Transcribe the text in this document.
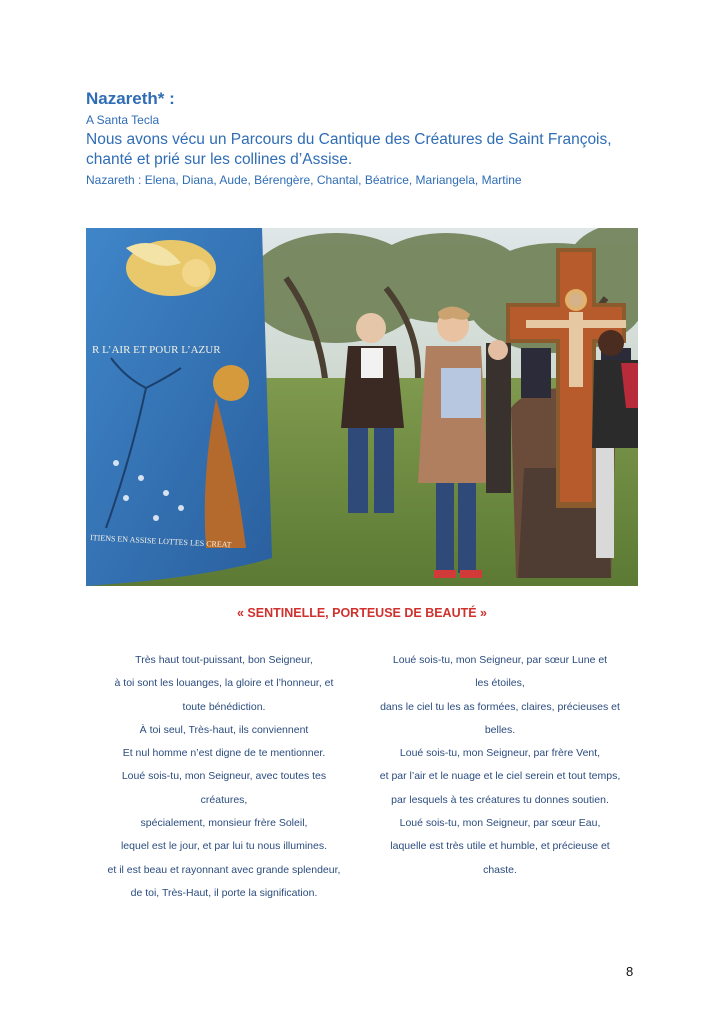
Nazareth* :

A Santa Tecla

Nous avons vécu un Parcours du Cantique des Créatures de Saint François,
chanté et prié sur les collines d’Assise.

Nazareth : Elena, Diana, Aude, Bérengère, Chantal, Béatrice, Mariangela, Martine

R L’AIR ET POUR L’AZUR
ITIENS EN ASSISE LOTTES LES CREAT
« SENTINELLE, PORTEUSE DE BEAUTÉ »
Très haut tout-puissant, bon Seigneur,
à toi sont les louanges, la gloire et l’honneur, et
toute bénédiction.
À toi seul, Très-haut, ils conviennent
Et nul homme n’est digne de te mentionner.
Loué sois-tu, mon Seigneur, avec toutes tes
créatures,
spécialement, monsieur frère Soleil,
lequel est le jour, et par lui tu nous illumines.
et il est beau et rayonnant avec grande splendeur,
de toi, Très-Haut, il porte la signification.
Loué sois-tu, mon Seigneur, par sœur Lune et
les étoiles,
dans le ciel tu les as formées, claires, précieuses et
belles.
Loué sois-tu, mon Seigneur, par frère Vent,
et par l’air et le nuage et le ciel serein et tout temps,
par lesquels à tes créatures tu donnes soutien.
Loué sois-tu, mon Seigneur, par sœur Eau,
laquelle est très utile et humble, et précieuse et
chaste.
8
